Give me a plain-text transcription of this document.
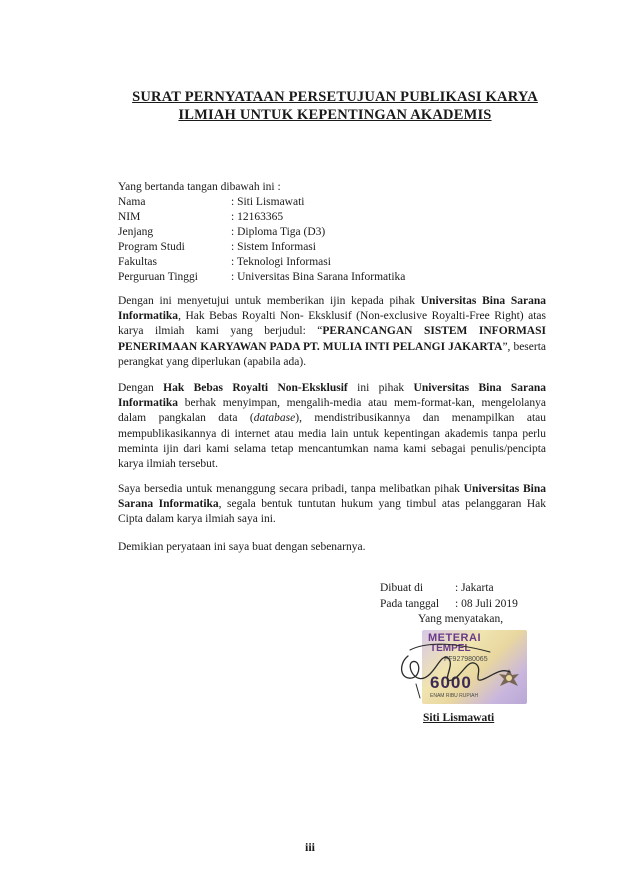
SURAT PERNYATAAN PERSETUJUAN PUBLIKASI KARYA
ILMIAH UNTUK KEPENTINGAN AKADEMIS
Yang bertanda tangan dibawah ini :
Nama	: Siti Lismawati
NIM	: 12163365
Jenjang	: Diploma Tiga (D3)
Program Studi	: Sistem Informasi
Fakultas	: Teknologi Informasi
Perguruan Tinggi	: Universitas Bina Sarana Informatika
Dengan ini menyetujui untuk memberikan ijin kepada pihak Universitas Bina Sarana Informatika, Hak Bebas Royalti Non- Eksklusif (Non-exclusive Royalti-Free Right) atas karya ilmiah kami yang berjudul: “PERANCANGAN SISTEM INFORMASI PENERIMAAN KARYAWAN PADA PT. MULIA INTI PELANGI JAKARTA”, beserta perangkat yang diperlukan (apabila ada).
Dengan Hak Bebas Royalti Non-Eksklusif ini pihak Universitas Bina Sarana Informatika berhak menyimpan, mengalih-media atau mem-format-kan, mengelolanya dalam pangkalan data (database), mendistribusikannya dan menampilkan atau mempublikasikannya di internet atau media lain untuk kepentingan akademis tanpa perlu meminta ijin dari kami selama tetap mencantumkan nama kami sebagai penulis/pencipta karya ilmiah tersebut.
Saya bersedia untuk menanggung secara pribadi, tanpa melibatkan pihak Universitas Bina Sarana Informatika, segala bentuk tuntutan hukum yang timbul atas pelanggaran Hak Cipta dalam karya ilmiah saya ini.
Demikian peryataan ini saya buat dengan sebenarnya.
Dibuat di	: Jakarta
Pada tanggal	: 08 Juli 2019
Yang menyatakan,
METERAI
TEMPEL
FF927980065
6000
ENAM RIBU RUPIAH
Siti Lismawati
iii
